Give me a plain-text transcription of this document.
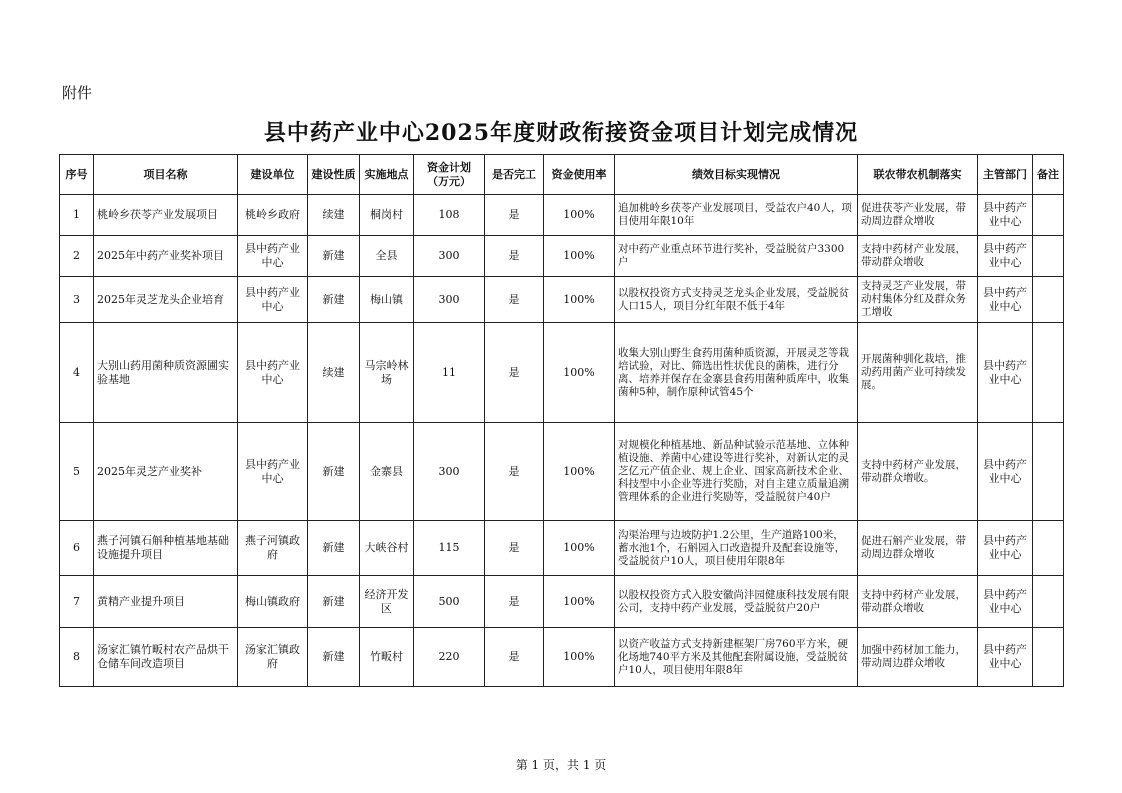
附件
县中药产业中心2025年度财政衔接资金项目计划完成情况
序号	项目名称	建设单位	建设性质	实施地点	资金计划（万元）	是否完工	资金使用率	绩效目标实现情况	联农带农机制落实	主管部门	备注
1	桃岭乡茯苓产业发展项目	桃岭乡政府	续建	桐岗村	108	是	100%	追加桃岭乡茯苓产业发展项目，受益农户40人，项目使用年限10年	促进茯苓产业发展，带动周边群众增收	县中药产业中心	
2	2025年中药产业奖补项目	县中药产业中心	新建	全县	300	是	100%	对中药产业重点环节进行奖补，受益脱贫户3300户	支持中药材产业发展，带动群众增收	县中药产业中心	
3	2025年灵芝龙头企业培育	县中药产业中心	新建	梅山镇	300	是	100%	以股权投资方式支持灵芝龙头企业发展，受益脱贫人口15人，项目分红年限不低于4年	支持灵芝产业发展，带动村集体分红及群众务工增收	县中药产业中心	
4	大别山药用菌种质资源圃实验基地	县中药产业中心	续建	马宗岭林场	11	是	100%	收集大别山野生食药用菌种质资源，开展灵芝等栽培试验，对比、筛选出性状优良的菌株，进行分离、培养并保存在金寨县食药用菌种质库中，收集菌种5种，制作原种试管45个	开展菌种驯化栽培，推动药用菌产业可持续发展。	县中药产业中心	
5	2025年灵芝产业奖补	县中药产业中心	新建	金寨县	300	是	100%	对规模化种植基地、新品种试验示范基地、立体种植设施、养菌中心建设等进行奖补，对新认定的灵芝亿元产值企业、规上企业、国家高新技术企业、科技型中小企业等进行奖励，对自主建立质量追溯管理体系的企业进行奖励等，受益脱贫户40户	支持中药材产业发展，带动群众增收。	县中药产业中心	
6	燕子河镇石斛种植基地基础设施提升项目	燕子河镇政府	新建	大峡谷村	115	是	100%	沟渠治理与边坡防护1.2公里，生产道路100米，蓄水池1个，石斛园入口改造提升及配套设施等，受益脱贫户10人，项目使用年限8年	促进石斛产业发展，带动周边群众增收	县中药产业中心	
7	黄精产业提升项目	梅山镇政府	新建	经济开发区	500	是	100%	以股权投资方式入股安徽尚沣园健康科技发展有限公司，支持中药产业发展，受益脱贫户20户	支持中药材产业发展，带动群众增收	县中药产业中心	
8	汤家汇镇竹畈村农产品烘干仓储车间改造项目	汤家汇镇政府	新建	竹畈村	220	是	100%	以资产收益方式支持新建框架厂房760平方米，硬化场地740平方米及其他配套附属设施，受益脱贫户10人，项目使用年限8年	加强中药材加工能力，带动周边群众增收	县中药产业中心	
第 1 页，共 1 页
